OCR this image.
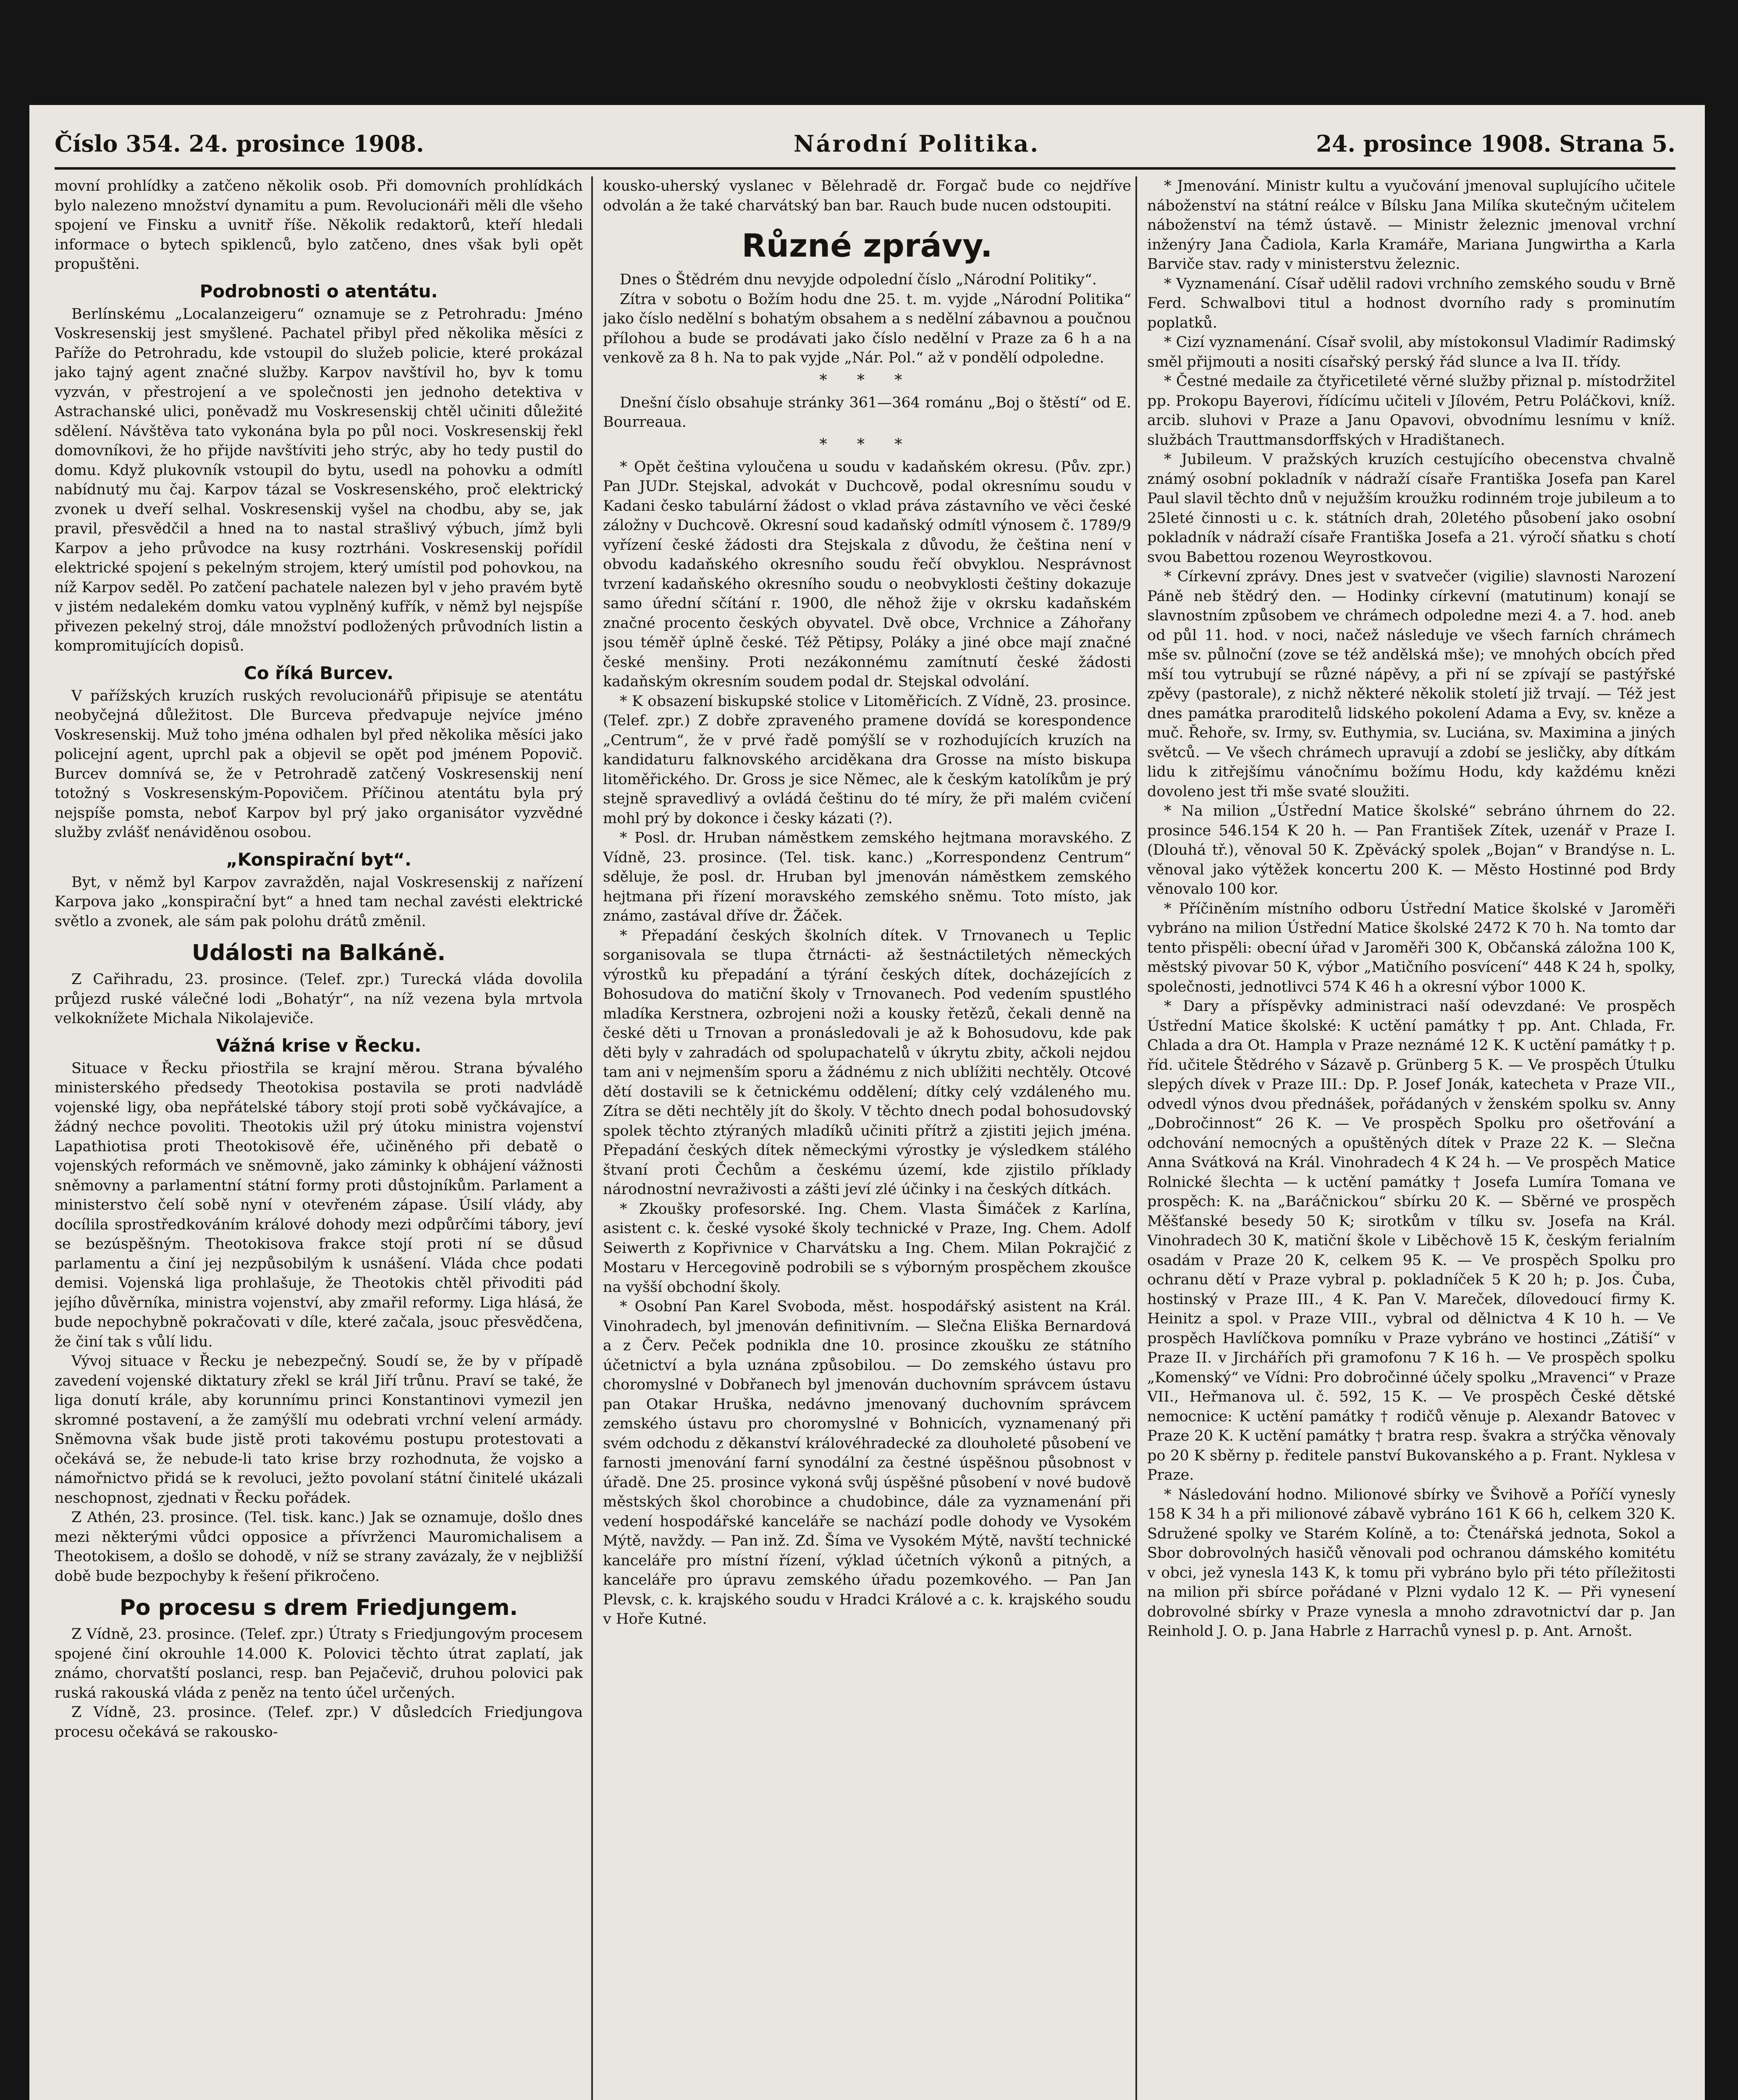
Číslo 354. 24. prosince 1908.	Národní Politika.	24. prosince 1908. Strana 5.

movní prohlídky a zatčeno několik osob. Při domovních prohlídkách bylo nalezeno množství dynamitu a pum. Revolucionáři měli dle všeho spojení ve Finsku a uvnitř říše. Několik redaktorů, kteří hledali informace o bytech spiklenců, bylo zatčeno, dnes však byli opět propuštěni.

Podrobnosti o atentátu.

Berlínskému „Localanzeigeru“ oznamuje se z Petrohradu: Jméno Voskresenskij jest smyšlené. Pachatel přibyl před několika měsíci z Paříže do Petrohradu, kde vstoupil do služeb policie, které prokázal jako tajný agent značné služby. Karpov navštívil ho, byv k tomu vyzván, v přestrojení a ve společnosti jen jednoho detektiva v Astrachanské ulici, poněvadž mu Voskresenskij chtěl učiniti důležité sdělení. Návštěva tato vykonána byla po půl noci. Voskresenskij řekl domovníkovi, že ho přijde navštíviti jeho strýc, aby ho tedy pustil do domu. Když plukovník vstoupil do bytu, usedl na pohovku a odmítl nabídnutý mu čaj. Karpov tázal se Voskresenského, proč elektrický zvonek u dveří selhal. Voskresenskij vyšel na chodbu, aby se, jak pravil, přesvědčil a hned na to nastal strašlivý výbuch, jímž byli Karpov a jeho průvodce na kusy roztrháni. Voskresenskij pořídil elektrické spojení s pekelným strojem, který umístil pod pohovkou, na níž Karpov seděl. Po zatčení pachatele nalezen byl v jeho pravém bytě v jistém nedalekém domku vatou vyplněný kufřík, v němž byl nejspíše přivezen pekelný stroj, dále množství podložených průvodních listin a kompromitujících dopisů.

Co říká Burcev.

V pařížských kruzích ruských revolucionářů připisuje se atentátu neobyčejná důležitost. Dle Burceva předvapuje nejvíce jméno Voskresenskij. Muž toho jména odhalen byl před několika měsíci jako policejní agent, uprchl pak a objevil se opět pod jménem Popovič. Burcev domnívá se, že v Petrohradě zatčený Voskresenskij není totožný s Voskresenským-Popovičem. Příčinou atentátu byla prý nejspíše pomsta, neboť Karpov byl prý jako organisátor vyzvědné služby zvlášť nenáviděnou osobou.

„Konspirační byt“.

Byt, v němž byl Karpov zavražděn, najal Voskresenskij z nařízení Karpova jako „konspirační byt“ a hned tam nechal zavésti elektrické světlo a zvonek, ale sám pak polohu drátů změnil.

Události na Balkáně.

Z Cařihradu, 23. prosince. (Telef. zpr.) Turecká vláda dovolila průjezd ruské válečné lodi „Bohatýr“, na níž vezena byla mrtvola velkoknížete Michala Nikolajeviče.

Vážná krise v Řecku.

Situace v Řecku přiostřila se krajní měrou. Strana bývalého ministerského předsedy Theotokisa postavila se proti nadvládě vojenské ligy, oba nepřátelské tábory stojí proti sobě vyčkávajíce, a žádný nechce povoliti. Theotokis užil prý útoku ministra vojenství Lapathiotisa proti Theotokisově éře, učiněného při debatě o vojenských reformách ve sněmovně, jako záminky k obhájení vážnosti sněmovny a parlamentní státní formy proti důstojníkům. Parlament a ministerstvo čelí sobě nyní v otevřeném zápase. Úsilí vlády, aby docílila sprostředkováním králové dohody mezi odpůrčími tábory, jeví se bezúspěšným. Theotokisova frakce stojí proti ní se důsud parlamentu a činí jej nezpůsobilým k usnášení. Vláda chce podati demisi. Vojenská liga prohlašuje, že Theotokis chtěl přivoditi pád jejího důvěrníka, ministra vojenství, aby zmařil reformy. Liga hlásá, že bude nepochybně pokračovati v díle, které začala, jsouc přesvědčena, že činí tak s vůlí lidu.

Vývoj situace v Řecku je nebezpečný. Soudí se, že by v případě zavedení vojenské diktatury zřekl se král Jiří trůnu. Praví se také, že liga donutí krále, aby korunnímu princi Konstantinovi vymezil jen skromné postavení, a že zamýšlí mu odebrati vrchní velení armády. Sněmovna však bude jistě proti takovému postupu protestovati a očekává se, že nebude-li tato krise brzy rozhodnuta, že vojsko a námořnictvo přidá se k revoluci, ježto povolaní státní činitelé ukázali neschopnost, zjednati v Řecku pořádek.

Z Athén, 23. prosince. (Tel. tisk. kanc.) Jak se oznamuje, došlo dnes mezi některými vůdci opposice a přívrženci Mauromichalisem a Theotokisem, a došlo se dohodě, v níž se strany zavázaly, že v nejbližší době bude bezpochyby k řešení přikročeno.

Po procesu s drem Friedjungem.

Z Vídně, 23. prosince. (Telef. zpr.) Útraty s Friedjungovým procesem spojené činí okrouhle 14.000 K. Polovici těchto útrat zaplatí, jak známo, chorvatští poslanci, resp. ban Pejačevič, druhou polovici pak ruská rakouská vláda z peněz na tento účel určených.

Z Vídně, 23. prosince. (Telef. zpr.) V důsledcích Friedjungova procesu očekává se rakousko-

kousko-uherský vyslanec v Bělehradě dr. Forgač bude co nejdříve odvolán a že také charvátský ban bar. Rauch bude nucen odstoupiti.

Různé zprávy.

Dnes o Štědrém dnu nevyjde odpolední číslo „Národní Politiky“.

Zítra v sobotu o Božím hodu dne 25. t. m. vyjde „Národní Politika“ jako číslo nedělní s bohatým obsahem a s nedělní zábavnou a poučnou přílohou a bude se prodávati jako číslo nedělní v Praze za 6 h a na venkově za 8 h. Na to pak vyjde „Nár. Pol.“ až v pondělí odpoledne.

* * *

Dnešní číslo obsahuje stránky 361—364 románu „Boj o štěstí“ od E. Bourreaua.

* * *

* Opět čeština vyloučena u soudu v kadaňském okresu. (Pův. zpr.) Pan JUDr. Stejskal, advokát v Duchcově, podal okresnímu soudu v Kadani česko tabulární žádost o vklad práva zástavního ve věci české záložny v Duchcově. Okresní soud kadaňský odmítl výnosem č. 1789/9 vyřízení české žádosti dra Stejskala z důvodu, že čeština není v obvodu kadaňského okresního soudu řečí obvyklou. Nesprávnost tvrzení kadaňského okresního soudu o neobvyklosti češtiny dokazuje samo úřední sčítání r. 1900, dle něhož žije v okrsku kadaňském značné procento českých obyvatel. Dvě obce, Vrchnice a Záhořany jsou téměř úplně české. Též Pětipsy, Poláky a jiné obce mají značné české menšiny. Proti nezákonnému zamítnutí české žádosti kadaňským okresním soudem podal dr. Stejskal odvolání.

* K obsazení biskupské stolice v Litoměřicích. Z Vídně, 23. prosince. (Telef. zpr.) Z dobře zpraveného pramene dovídá se korespondence „Centrum“, že v prvé řadě pomýšlí se v rozhodujících kruzích na kandidaturu falknovského arciděkana dra Grosse na místo biskupa litoměřického. Dr. Gross je sice Němec, ale k českým katolíkům je prý stejně spravedlivý a ovládá češtinu do té míry, že při malém cvičení mohl prý by dokonce i česky kázati (?).

* Posl. dr. Hruban náměstkem zemského hejtmana moravského. Z Vídně, 23. prosince. (Tel. tisk. kanc.) „Korrespondenz Centrum“ sděluje, že posl. dr. Hruban byl jmenován náměstkem zemského hejtmana při řízení moravského zemského sněmu. Toto místo, jak známo, zastával dříve dr. Žáček.

* Přepadání českých školních dítek. V Trnovanech u Teplic sorganisovala se tlupa čtrnácti- až šestnáctiletých německých výrostků ku přepadání a týrání českých dítek, docházejících z Bohosudova do matiční školy v Trnovanech. Pod vedením spustlého mladíka Kerstnera, ozbrojeni noži a kousky řetězů, čekali denně na české děti u Trnovan a pronásledovali je až k Bohosudovu, kde pak děti byly v zahradách od spolupachatelů v úkrytu zbity, ačkoli nejdou tam ani v nejmenším sporu a žádnému z nich ublížiti nechtěly. Otcové dětí dostavili se k četnickému oddělení; dítky celý vzdáleného mu. Zítra se děti nechtěly jít do školy. V těchto dnech podal bohosudovský spolek těchto ztýraných mladíků učiniti přítrž a zjistiti jejich jména. Přepadání českých dítek německými výrostky je výsledkem stálého štvaní proti Čechům a českému území, kde zjistilo příklady národnostní nevraživosti a zášti jeví zlé účinky i na českých dítkách.

* Zkoušky profesorské. Ing. Chem. Vlasta Šimáček z Karlína, asistent c. k. české vysoké školy technické v Praze, Ing. Chem. Adolf Seiwerth z Kopřivnice v Charvátsku a Ing. Chem. Milan Pokrajčić z Mostaru v Hercegovině podrobili se s výborným prospěchem zkoušce na vyšší obchodní školy.

* Osobní Pan Karel Svoboda, měst. hospodářský asistent na Král. Vinohradech, byl jmenován definitivním. — Slečna Eliška Bernardová a z Červ. Peček podnikla dne 10. prosince zkoušku ze státního účetnictví a byla uznána způsobilou. — Do zemského ústavu pro choromyslné v Dobřanech byl jmenován duchovním správcem ústavu pan Otakar Hruška, nedávno jmenovaný duchovním správcem zemského ústavu pro choromyslné v Bohnicích, vyznamenaný při svém odchodu z děkanství královéhradecké za dlouholeté působení ve farnosti jmenování farní synodální za čestné úspěšnou působnost v úřadě. Dne 25. prosince vykoná svůj úspěšné působení v nové budově městských škol chorobince a chudobince, dále za vyznamenání při vedení hospodářské kanceláře se nachází podle dohody ve Vysokém Mýtě, navždy. — Pan inž. Zd. Šíma ve Vysokém Mýtě, navští technické kanceláře pro místní řízení, výklad účetních výkonů a pitných, a kanceláře pro úpravu zemského úřadu pozemkového. — Pan Jan Plevsk, c. k. krajského soudu v Hradci Králové a c. k. krajského soudu v Hoře Kutné.

* Jmenování. Ministr kultu a vyučování jmenoval suplujícího učitele náboženství na státní reálce v Bílsku Jana Milíka skutečným učitelem náboženství na témž ústavě. — Ministr železnic jmenoval vrchní inženýry Jana Čadiola, Karla Kramáře, Mariana Jungwirtha a Karla Barviče stav. rady v ministerstvu železnic.

* Vyznamenání. Císař udělil radovi vrchního zemského soudu v Brně Ferd. Schwalbovi titul a hodnost dvorního rady s prominutím poplatků.

* Cizí vyznamenání. Císař svolil, aby místokonsul Vladimír Radimský směl přijmouti a nositi císařský perský řád slunce a lva II. třídy.

* Čestné medaile za čtyřicetileté věrné služby přiznal p. místodržitel pp. Prokopu Bayerovi, řídícímu učiteli v Jílovém, Petru Poláčkovi, kníž. arcib. sluhovi v Praze a Janu Opavovi, obvodnímu lesnímu v kníž. službách Trauttmansdorffských v Hradištanech.

* Jubileum. V pražských kruzích cestujícího obecenstva chvalně známý osobní pokladník v nádraží císaře Františka Josefa pan Karel Paul slavil těchto dnů v nejužším kroužku rodinném troje jubileum a to 25leté činnosti u c. k. státních drah, 20letého působení jako osobní pokladník v nádraží císaře Františka Josefa a 21. výročí sňatku s chotí svou Babettou rozenou Weyrostkovou.

* Církevní zprávy. Dnes jest v svatvečer (vigilie) slavnosti Narození Páně neb štědrý den. — Hodinky církevní (matutinum) konají se slavnostním způsobem ve chrámech odpoledne mezi 4. a 7. hod. aneb od půl 11. hod. v noci, načež následuje ve všech farních chrámech mše sv. půlnoční (zove se též andělská mše); ve mnohých obcích před mší tou vytrubují se různé nápěvy, a při ní se zpívají se pastýřské zpěvy (pastorale), z nichž některé několik století již trvají. — Též jest dnes památka praroditelů lidského pokolení Adama a Evy, sv. kněze a muč. Řehoře, sv. Irmy, sv. Euthymia, sv. Luciána, sv. Maximina a jiných světců. — Ve všech chrámech upravují a zdobí se jesličky, aby dítkám lidu k zitřejšímu vánočnímu božímu Hodu, kdy každému knězi dovoleno jest tři mše svaté sloužiti.

* Na milion „Ústřední Matice školské“ sebráno úhrnem do 22. prosince 546.154 K 20 h. — Pan František Zítek, uzenář v Praze I. (Dlouhá tř.), věnoval 50 K. Zpěvácký spolek „Bojan“ v Brandýse n. L. věnoval jako výtěžek koncertu 200 K. — Město Hostinné pod Brdy věnovalo 100 kor.

* Příčiněním místního odboru Ústřední Matice školské v Jaroměři vybráno na milion Ústřední Matice školské 2472 K 70 h. Na tomto dar tento přispěli: obecní úřad v Jaroměři 300 K, Občanská záložna 100 K, městský pivovar 50 K, výbor „Matičního posvícení“ 448 K 24 h, spolky, společnosti, jednotlivci 574 K 46 h a okresní výbor 1000 K.

* Dary a příspěvky administraci naší odevzdané: Ve prospěch Ústřední Matice školské: K uctění památky † pp. Ant. Chlada, Fr. Chlada a dra Ot. Hampla v Praze neznámé 12 K. K uctění památky † p. říd. učitele Štědrého v Sázavě p. Grünberg 5 K. — Ve prospěch Útulku slepých dívek v Praze III.: Dp. P. Josef Jonák, katecheta v Praze VII., odvedl výnos dvou přednášek, pořádaných v ženském spolku sv. Anny „Dobročinnost“ 26 K. — Ve prospěch Spolku pro ošetřování a odchování nemocných a opuštěných dítek v Praze 22 K. — Slečna Anna Svátková na Král. Vinohradech 4 K 24 h. — Ve prospěch Matice Rolnické šlechta — k uctění památky † Josefa Lumíra Tomana ve prospěch: K. na „Baráčnickou“ sbírku 20 K. — Sběrné ve prospěch Měšťanské besedy 50 K; sirotkům v tílku sv. Josefa na Král. Vinohradech 30 K, matiční škole v Liběchově 15 K, českým ferialním osadám v Praze 20 K, celkem 95 K. — Ve prospěch Spolku pro ochranu dětí v Praze vybral p. pokladníček 5 K 20 h; p. Jos. Čuba, hostinský v Praze III., 4 K. Pan V. Mareček, dílovedoucí firmy K. Heinitz a spol. v Praze VIII., vybral od dělnictva 4 K 10 h. — Ve prospěch Havlíčkova pomníku v Praze vybráno ve hostinci „Zátiší“ v Praze II. v Jirchářích při gramofonu 7 K 16 h. — Ve prospěch spolku „Komenský“ ve Vídni: Pro dobročinné účely spolku „Mravenci“ v Praze VII., Heřmanova ul. č. 592, 15 K. — Ve prospěch České dětské nemocnice: K uctění památky † rodičů věnuje p. Alexandr Batovec v Praze 20 K. K uctění památky † bratra resp. švakra a strýčka věnovaly po 20 K sběrny p. ředitele panství Bukovanského a p. Frant. Nyklesa v Praze.

* Následování hodno. Milionové sbírky ve Švihově a Poříčí vynesly 158 K 34 h a při milionové zábavě vybráno 161 K 66 h, celkem 320 K. Sdružené spolky ve Starém Kolíně, a to: Čtenářská jednota, Sokol a Sbor dobrovolných hasičů věnovali pod ochranou dámského komitétu v obci, jež vynesla 143 K, k tomu při vybráno bylo při této příležitosti na milion při sbírce pořádané v Plzni vydalo 12 K. — Při vynesení dobrovolné sbírky v Praze vynesla a mnoho zdravotnictví dar p. Jan Reinhold J. O. p. Jana Habrle z Harrachů vynesl p. p. Ant. Arnošt.
